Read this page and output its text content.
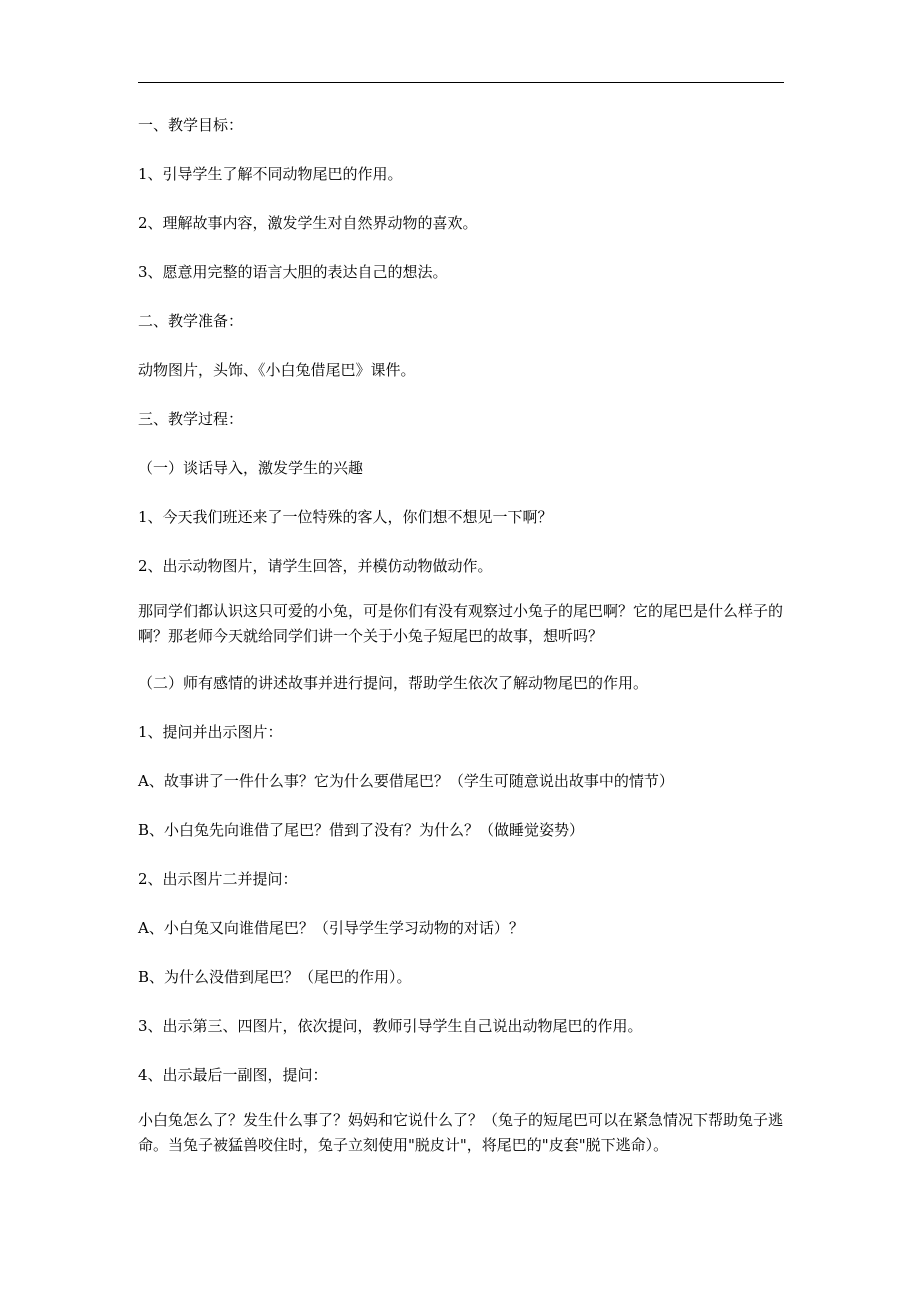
一、教学目标：

1、引导学生了解不同动物尾巴的作用。

2、理解故事内容，激发学生对自然界动物的喜欢。

3、愿意用完整的语言大胆的表达自己的想法。

二、教学准备：

动物图片，头饰、《小白兔借尾巴》课件。

三、教学过程：

（一）谈话导入，激发学生的兴趣

1、今天我们班还来了一位特殊的客人，你们想不想见一下啊？

2、出示动物图片，请学生回答，并模仿动物做动作。

那同学们都认识这只可爱的小兔，可是你们有没有观察过小兔子的尾巴啊？它的尾巴是什么样子的啊？那老师今天就给同学们讲一个关于小兔子短尾巴的故事，想听吗？

（二）师有感情的讲述故事并进行提问，帮助学生依次了解动物尾巴的作用。

1、提问并出示图片：

A、故事讲了一件什么事？它为什么要借尾巴？（学生可随意说出故事中的情节）

B、小白兔先向谁借了尾巴？借到了没有？为什么？（做睡觉姿势）

2、出示图片二并提问：

A、小白兔又向谁借尾巴？（引导学生学习动物的对话）？

B、为什么没借到尾巴？（尾巴的作用）。

3、出示第三、四图片，依次提问，教师引导学生自己说出动物尾巴的作用。

4、出示最后一副图，提问：

小白兔怎么了？发生什么事了？妈妈和它说什么了？（兔子的短尾巴可以在紧急情况下帮助兔子逃命。当兔子被猛兽咬住时，兔子立刻使用"脱皮计"，将尾巴的"皮套"脱下逃命）。
